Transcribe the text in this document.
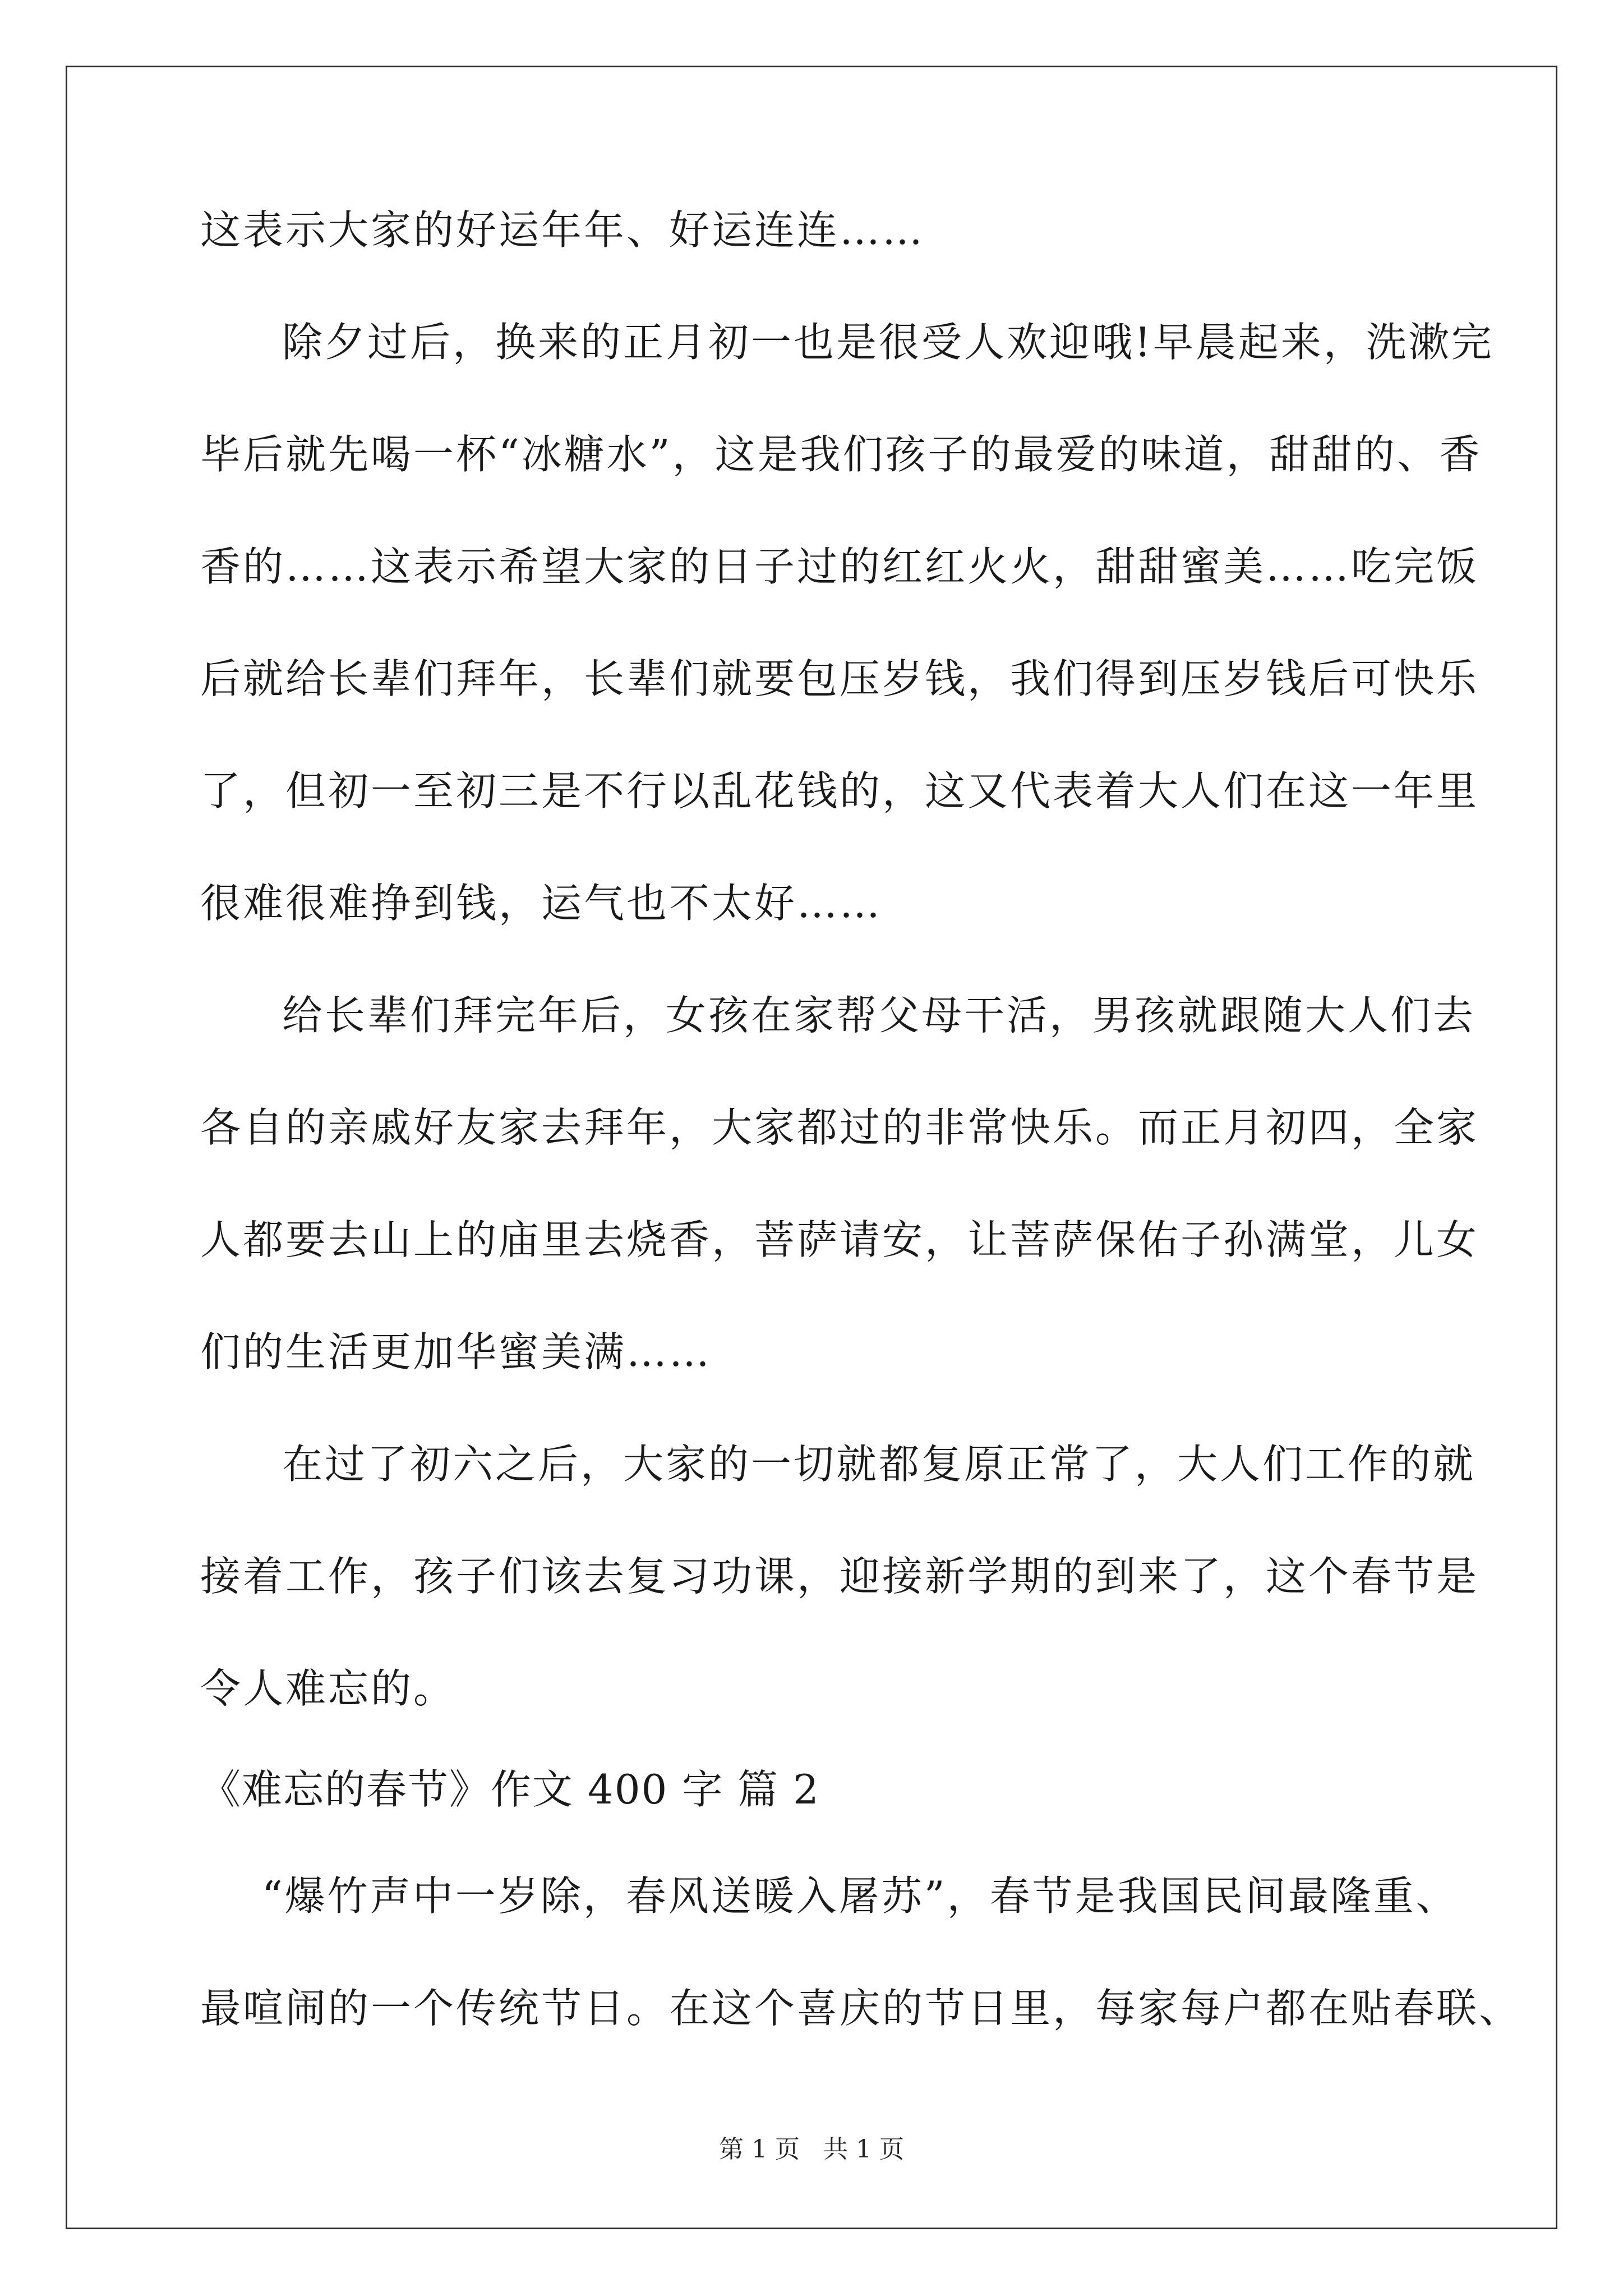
这表示大家的好运年年、好运连连……
除夕过后，换来的正月初一也是很受人欢迎哦!早晨起来，洗漱完
毕后就先喝一杯“冰糖水”，这是我们孩子的最爱的味道，甜甜的、香
香的……这表示希望大家的日子过的红红火火，甜甜蜜美……吃完饭
后就给长辈们拜年，长辈们就要包压岁钱，我们得到压岁钱后可快乐
了，但初一至初三是不行以乱花钱的，这又代表着大人们在这一年里
很难很难挣到钱，运气也不太好……
给长辈们拜完年后，女孩在家帮父母干活，男孩就跟随大人们去
各自的亲戚好友家去拜年，大家都过的非常快乐。而正月初四，全家
人都要去山上的庙里去烧香，菩萨请安，让菩萨保佑子孙满堂，儿女
们的生活更加华蜜美满……
在过了初六之后，大家的一切就都复原正常了，大人们工作的就
接着工作，孩子们该去复习功课，迎接新学期的到来了，这个春节是
令人难忘的。
《难忘的春节》作文 400 字 篇 2
“爆竹声中一岁除，春风送暖入屠苏”，春节是我国民间最隆重、
最喧闹的一个传统节日。在这个喜庆的节日里，每家每户都在贴春联、
第 1 页 共 1 页
